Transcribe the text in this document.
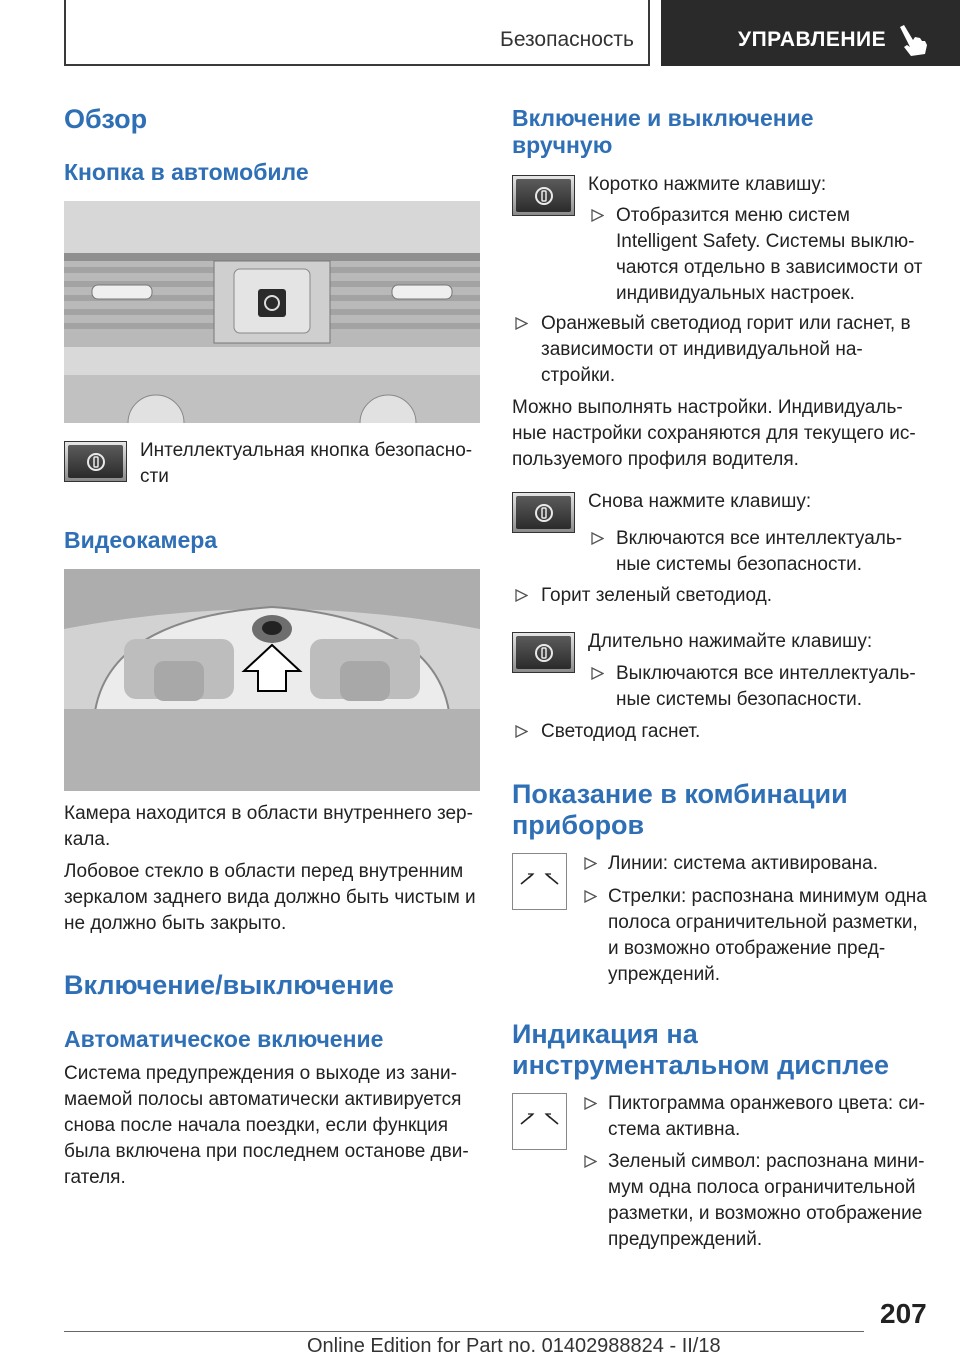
Безопасность	УПРАВЛЕНИЕ
Обзор
Кнопка в автомобиле
Интеллектуальная кнопка безопасно-
сти
Видеокамера
Камера находится в области внутреннего зер-
кала.
Лобовое стекло в области перед внутренним
зеркалом заднего вида должно быть чистым и
не должно быть закрыто.
Включение/выключение
Автоматическое включение
Система предупреждения о выходе из зани-
маемой полосы автоматически активируется
снова после начала поездки, если функция
была включена при последнем останове дви-
гателя.
Включение и выключение
вручную
Коротко нажмите клавишу:
Отобразится меню систем
Intelligent Safety. Системы выклю-
чаются отдельно в зависимости от
индивидуальных настроек.
Оранжевый светодиод горит или гаснет, в
зависимости от индивидуальной на-
стройки.
Можно выполнять настройки. Индивидуаль-
ные настройки сохраняются для текущего ис-
пользуемого профиля водителя.
Снова нажмите клавишу:
Включаются все интеллектуаль-
ные системы безопасности.
Горит зеленый светодиод.
Длительно нажимайте клавишу:
Выключаются все интеллектуаль-
ные системы безопасности.
Светодиод гаснет.
Показание в комбинации
приборов
Линии: система активирована.
Стрелки: распознана минимум одна
полоса ограничительной разметки,
и возможно отображение пред-
упреждений.
Индикация на
инструментальном дисплее
Пиктограмма оранжевого цвета: си-
стема активна.
Зеленый символ: распознана мини-
мум одна полоса ограничительной
разметки, и возможно отображение
предупреждений.
207
Online Edition for Part no. 01402988824 - II/18
